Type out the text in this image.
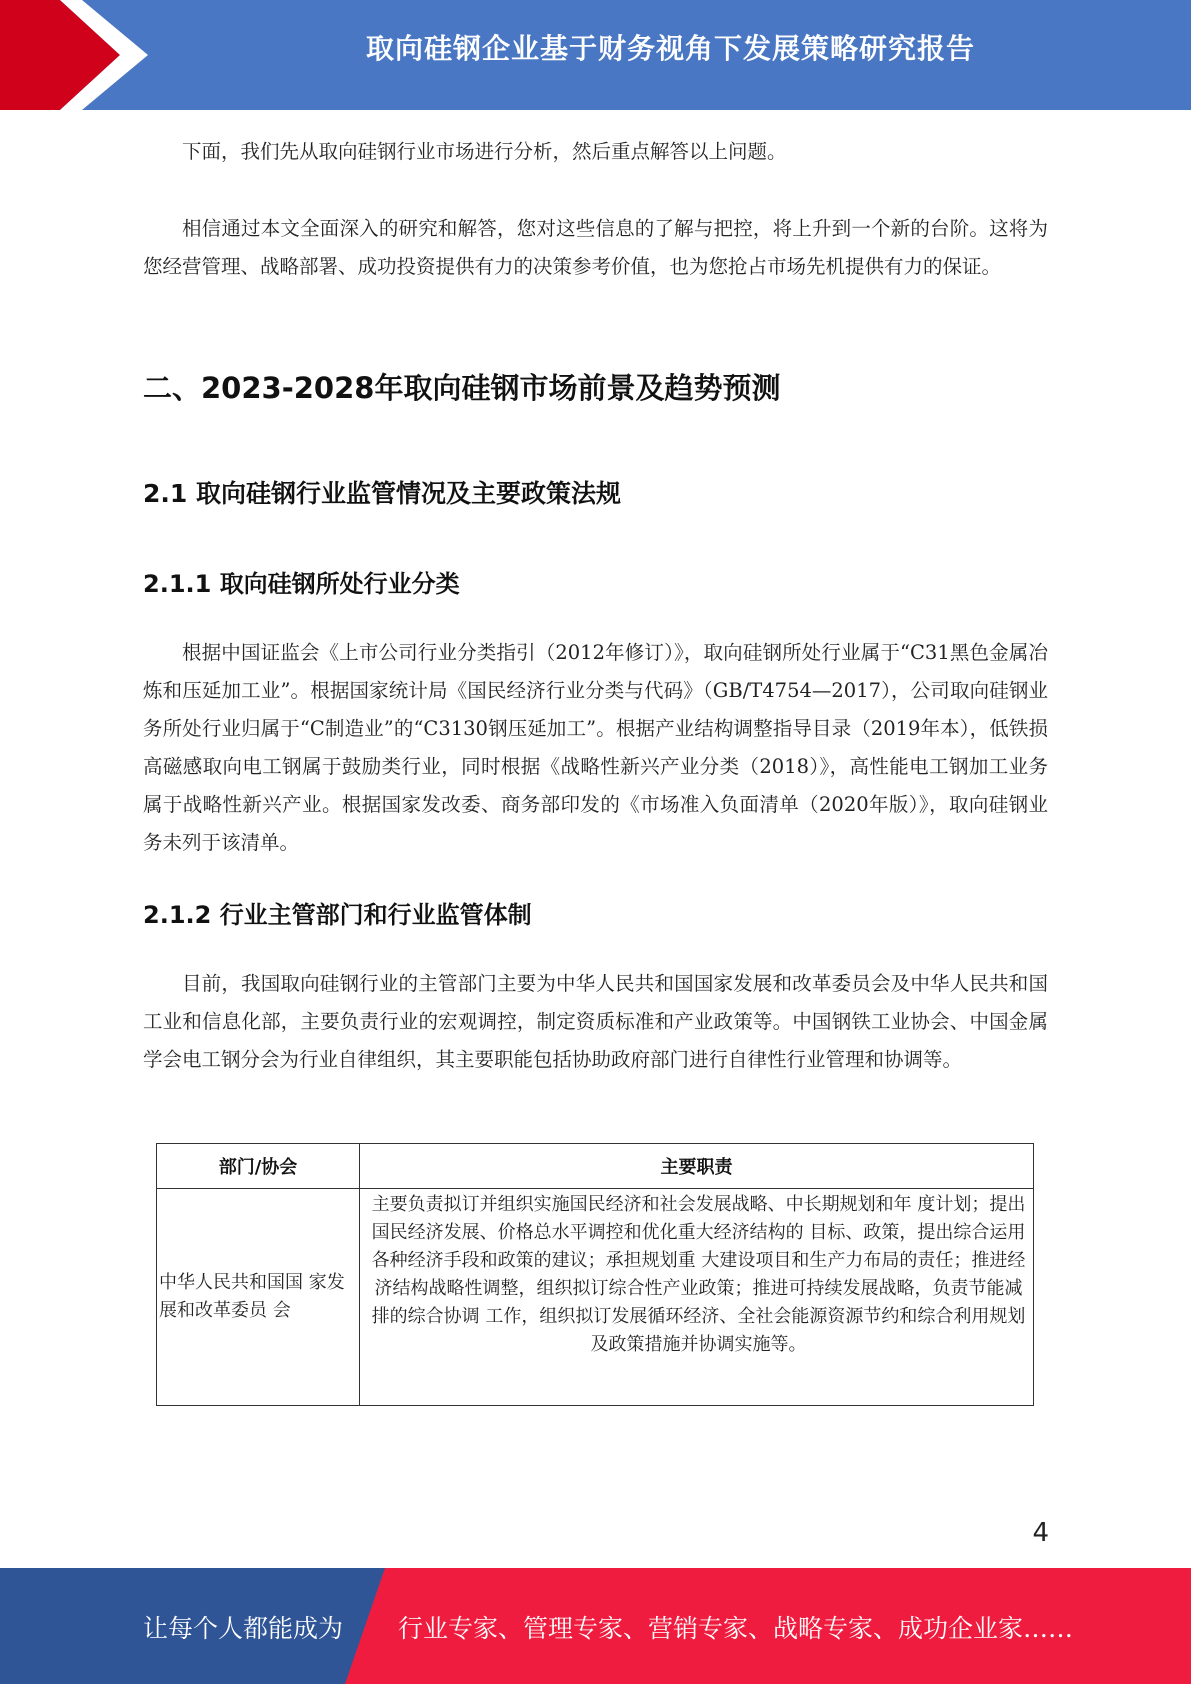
取向硅钢企业基于财务视角下发展策略研究报告

下面，我们先从取向硅钢行业市场进行分析，然后重点解答以上问题。

相信通过本文全面深入的研究和解答，您对这些信息的了解与把控，将上升到一个新的台阶。这将为您经营管理、战略部署、成功投资提供有力的决策参考价值，也为您抢占市场先机提供有力的保证。

二、2023-2028年取向硅钢市场前景及趋势预测
2.1 取向硅钢行业监管情况及主要政策法规
2.1.1 取向硅钢所处行业分类

根据中国证监会《上市公司行业分类指引（2012年修订）》，取向硅钢所处行业属于“C31黑色金属冶炼和压延加工业”。根据国家统计局《国民经济行业分类与代码》（GB/T4754—2017），公司取向硅钢业务所处行业归属于“C制造业”的“C3130钢压延加工”。根据产业结构调整指导目录（2019年本），低铁损高磁感取向电工钢属于鼓励类行业，同时根据《战略性新兴产业分类（2018）》，高性能电工钢加工业务属于战略性新兴产业。根据国家发改委、商务部印发的《市场准入负面清单（2020年版）》，取向硅钢业务未列于该清单。

2.1.2 行业主管部门和行业监管体制

目前，我国取向硅钢行业的主管部门主要为中华人民共和国国家发展和改革委员会及中华人民共和国工业和信息化部，主要负责行业的宏观调控，制定资质标准和产业政策等。中国钢铁工业协会、中国金属学会电工钢分会为行业自律组织，其主要职能包括协助政府部门进行自律性行业管理和协调等。

部门/协会	主要职责
中华人民共和国国 家发展和改革委员 会	主要负责拟订并组织实施国民经济和社会发展战略、中长期规划和年 度计划；提出国民经济发展、价格总水平调控和优化重大经济结构的 目标、政策，提出综合运用各种经济手段和政策的建议；承担规划重 大建设项目和生产力布局的责任；推进经济结构战略性调整，组织拟订综合性产业政策；推进可持续发展战略，负责节能减排的综合协调 工作，组织拟订发展循环经济、全社会能源资源节约和综合利用规划 及政策措施并协调实施等。
4
让每个人都能成为 行业专家、管理专家、营销专家、战略专家、成功企业家……
